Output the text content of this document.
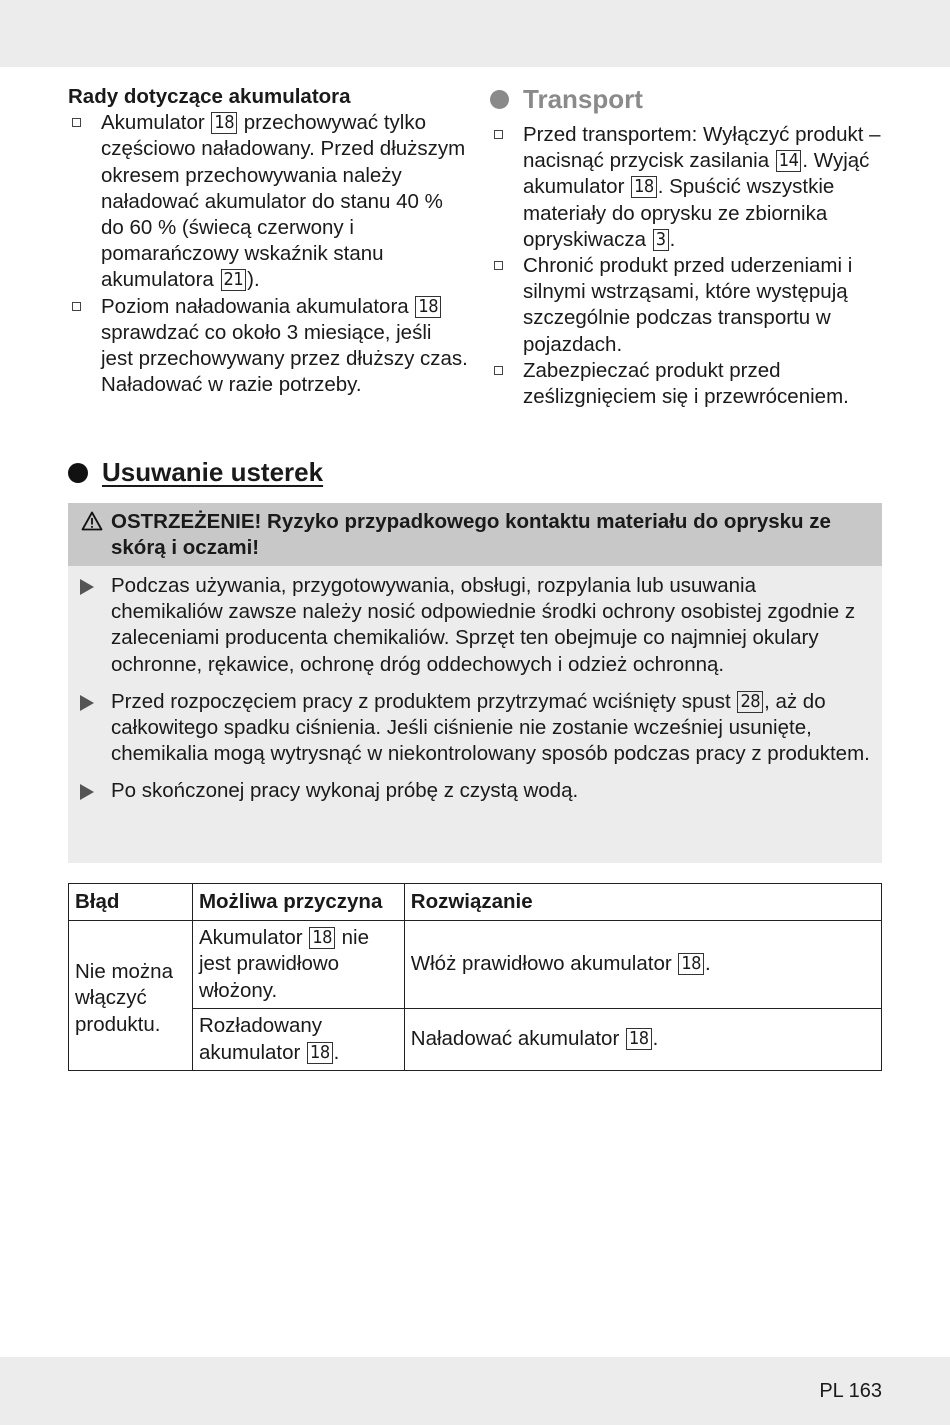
Rady dotyczące akumulatora

Akumulator 18 przechowywać tylko częściowo naładowany. Przed dłuższym okresem przechowywania należy naładować akumulator do stanu 40 % do 60 % (świecą czerwony i pomarańczowy wskaźnik stanu akumulatora 21 ).
Poziom naładowania akumulatora 18 sprawdzać co około 3 miesiące, jeśli jest przechowywany przez dłuższy czas. Naładować w razie potrzeby.
Transport
Przed transportem: Wyłączyć produkt – nacisnąć przycisk zasilania 14 . Wyjąć akumulator 18 . Spuścić wszystkie materiały do oprysku ze zbiornika opryskiwacza 3 .
Chronić produkt przed uderzeniami i silnymi wstrząsami, które występują szczególnie podczas transportu w pojazdach.
Zabezpieczać produkt przed ześlizgnięciem się i przewróceniem.
Usuwanie usterek
OSTRZEŻENIE! Ryzyko przypadkowego kontaktu materiału do oprysku ze skórą i oczami!
Podczas używania, przygotowywania, obsługi, rozpylania lub usuwania chemikaliów zawsze należy nosić odpowiednie środki ochrony osobistej zgodnie z zaleceniami producenta chemikaliów. Sprzęt ten obejmuje co najmniej okulary ochronne, rękawice, ochronę dróg oddechowych i odzież ochronną.
Przed rozpoczęciem pracy z produktem przytrzymać wciśnięty spust 28 , aż do całkowitego spadku ciśnienia. Jeśli ciśnienie nie zostanie wcześniej usunięte, chemikalia mogą wytrysnąć w niekontrolowany sposób podczas pracy z produktem.
Po skończonej pracy wykonaj próbę z czystą wodą.
Błąd	Możliwa przyczyna	Rozwiązanie
Nie można włączyć produktu.	Akumulator 18 nie jest prawidłowo włożony.	Włóż prawidłowo akumulator 18 .
	Rozładowany akumulator 18 .	Naładować akumulator 18 .
PL 163
